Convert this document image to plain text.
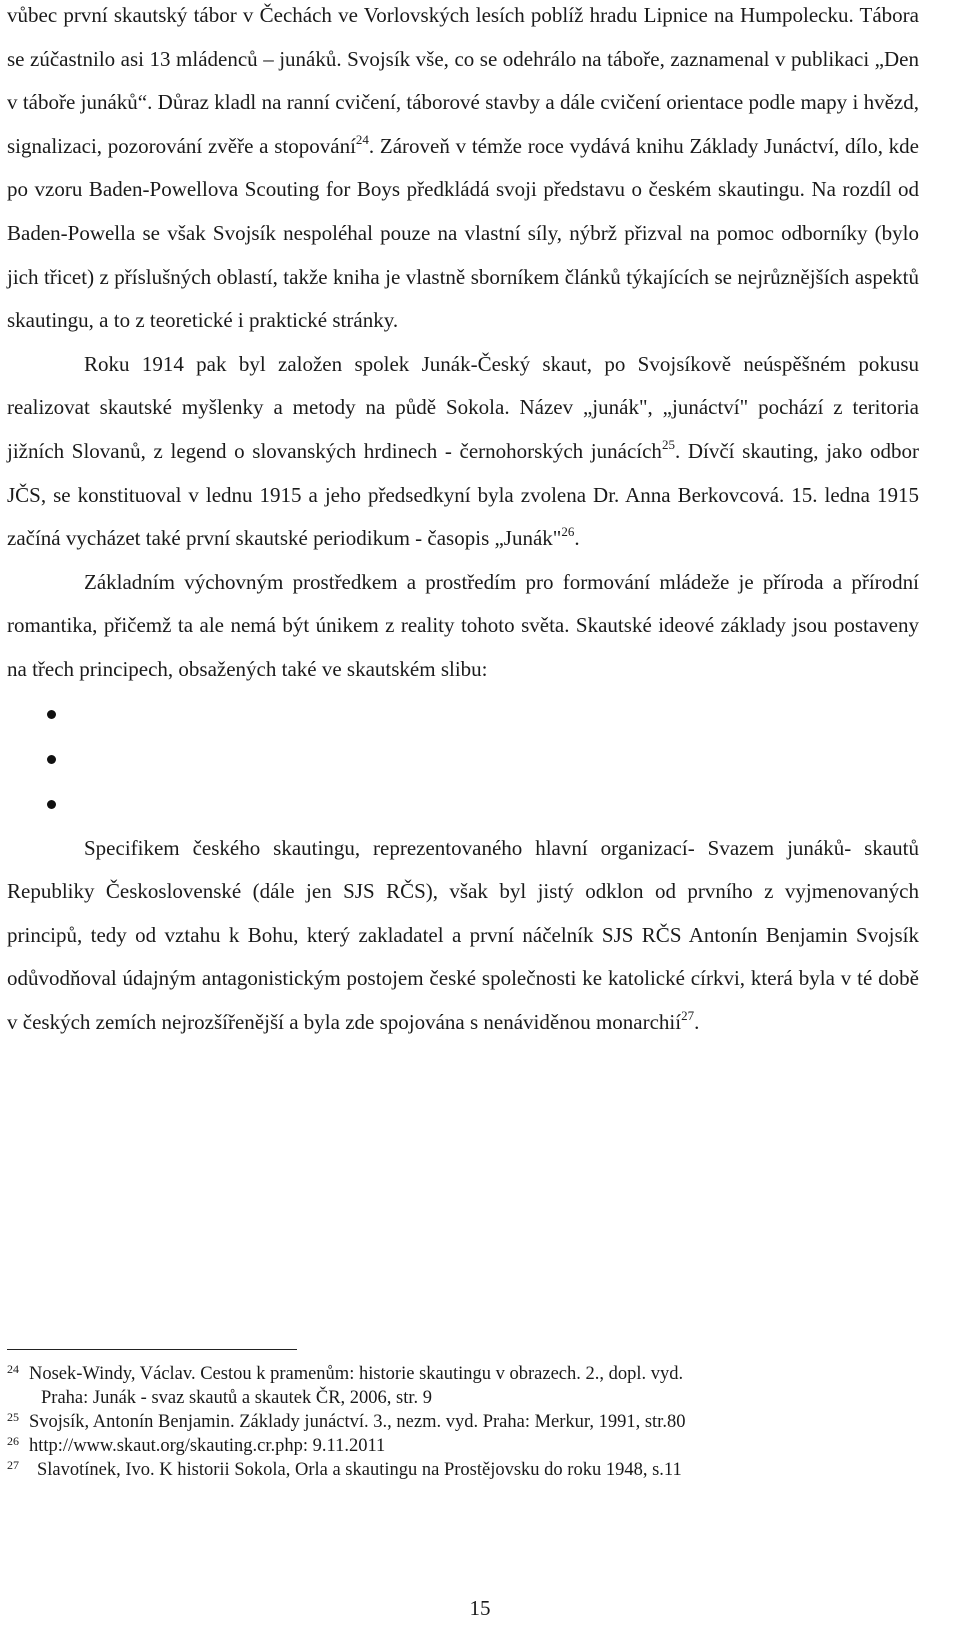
vůbec první skautský tábor v Čechách ve Vorlovských lesích poblíž hradu Lipnice na Humpolecku. Tábora se zúčastnilo asi 13 mládenců – junáků. Svojsík vše, co se odehrálo na táboře, zaznamenal v publikaci „Den v táboře junáků“. Důraz kladl na ranní cvičení, táborové stavby a dále cvičení orientace podle mapy i hvězd, signalizaci, pozorování zvěře a stopování$^{24}$. Zároveň v témže roce vydává knihu Základy Junáctví, dílo, kde po vzoru Baden-Powellova Scouting for Boys předkládá svoji představu o českém skautingu. Na rozdíl od Baden-Powella se však Svojsík nespoléhal pouze na vlastní síly, nýbrž přizval na pomoc odborníky (bylo jich třicet) z příslušných oblastí, takže kniha je vlastně sborníkem článků týkajících se nejrůznějších aspektů skautingu, a to z teoretické i praktické stránky.

Roku 1914 pak byl založen spolek Junák-Český skaut, po Svojsíkově neúspěšném pokusu realizovat skautské myšlenky a metody na půdě Sokola. Název „junák", „junáctví" pochází z teritoria jižních Slovanů, z legend o slovanských hrdinech - černohorských junácích$^{25}$. Dívčí skauting, jako odbor JČS, se konstituoval v lednu 1915 a jeho předsedkyní byla zvolena Dr. Anna Berkovcová. 15. ledna 1915 začíná vycházet také první skautské periodikum - časopis „Junák"$^{26}$.

Základním výchovným prostředkem a prostředím pro formování mládeže je příroda a přírodní romantika, přičemž ta ale nemá být únikem z reality tohoto světa. Skautské ideové základy jsou postaveny na třech principech, obsažených také ve skautském slibu:

Specifikem českého skautingu, reprezentovaného hlavní organizací- Svazem junáků- skautů Republiky Československé (dále jen SJS RČS), však byl jistý odklon od prvního z vyjmenovaných principů, tedy od vztahu k Bohu, který zakladatel a první náčelník SJS RČS Antonín Benjamin Svojsík odůvodňoval údajným antagonistickým postojem české společnosti ke katolické církvi, která byla v té době v českých zemích nejrozšířenější a byla zde spojována s nenáviděnou monarchií$^{27}$.

24 Nosek-Windy, Václav. Cestou k pramenům: historie skautingu v obrazech. 2., dopl. vyd.
Praha: Junák - svaz skautů a skautek ČR, 2006, str. 9
25 Svojsík, Antonín Benjamin. Základy junáctví. 3., nezm. vyd. Praha: Merkur, 1991, str.80
26 http://www.skaut.org/skauting.cr.php: 9.11.2011
27 Slavotínek, Ivo. K historii Sokola, Orla a skautingu na Prostějovsku do roku 1948, s.11
15
